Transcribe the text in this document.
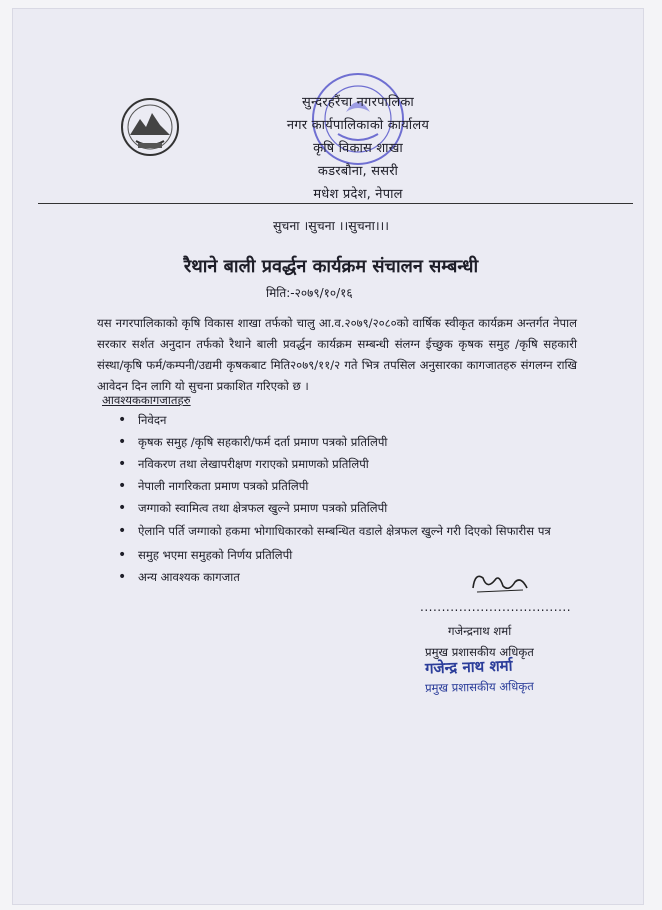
सुन्दरहरैंचा नगरपालिका
नगर कार्यपालिकाको कार्यालय
कृषि विकास शाखा
कडरबौना, ससरी
मधेश प्रदेश, नेपाल
सुचना ।सुचना ।।सुचना।।।
रैथाने बाली प्रवर्द्धन कार्यक्रम संचालन सम्बन्धी
मिति:-२०७९/१०/१६
यस नगरपालिकाको कृषि विकास शाखा तर्फको चालु आ.व.२०७९/२०८०को वार्षिक स्वीकृत कार्यक्रम अन्तर्गत नेपाल सरकार सर्शत अनुदान तर्फको रैथाने बाली प्रवर्द्धन कार्यक्रम सम्बन्धी संलग्न ईच्छुक कृषक समुह /कृषि सहकारी संस्था/कृषि फर्म/कम्पनी/उद्यमी कृषकबाट मिति२०७९/११/२ गते भित्र तपसिल अनुसारका कागजातहरु संगलग्न राखि आवेदन दिन लागि यो सुचना प्रकाशित गरिएको छ ।
आवश्यककागजातहरु
• निवेदन
• कृषक समुह /कृषि सहकारी/फर्म दर्ता प्रमाण पत्रको प्रतिलिपी
• नविकरण तथा लेखापरीक्षण गराएको प्रमाणको प्रतिलिपी
• नेपाली नागरिकता प्रमाण पत्रको प्रतिलिपी
• जग्गाको स्वामित्व तथा क्षेत्रफल खुल्ने प्रमाण पत्रको प्रतिलिपी
• ऐलानि पर्ति जग्गाको हकमा भोगाधिकारको सम्बन्धित वडाले क्षेत्रफल खुल्ने गरी दिएको सिफारीस पत्र
• समुह भएमा समुहको निर्णय प्रतिलिपी
• अन्य आवश्यक कागजात
...................................
गजेन्द्रनाथ शर्मा
प्रमुख प्रशासकीय अधिकृत
गजेन्द्र नाथ शर्मा
प्रमुख प्रशासकीय अधिकृत
